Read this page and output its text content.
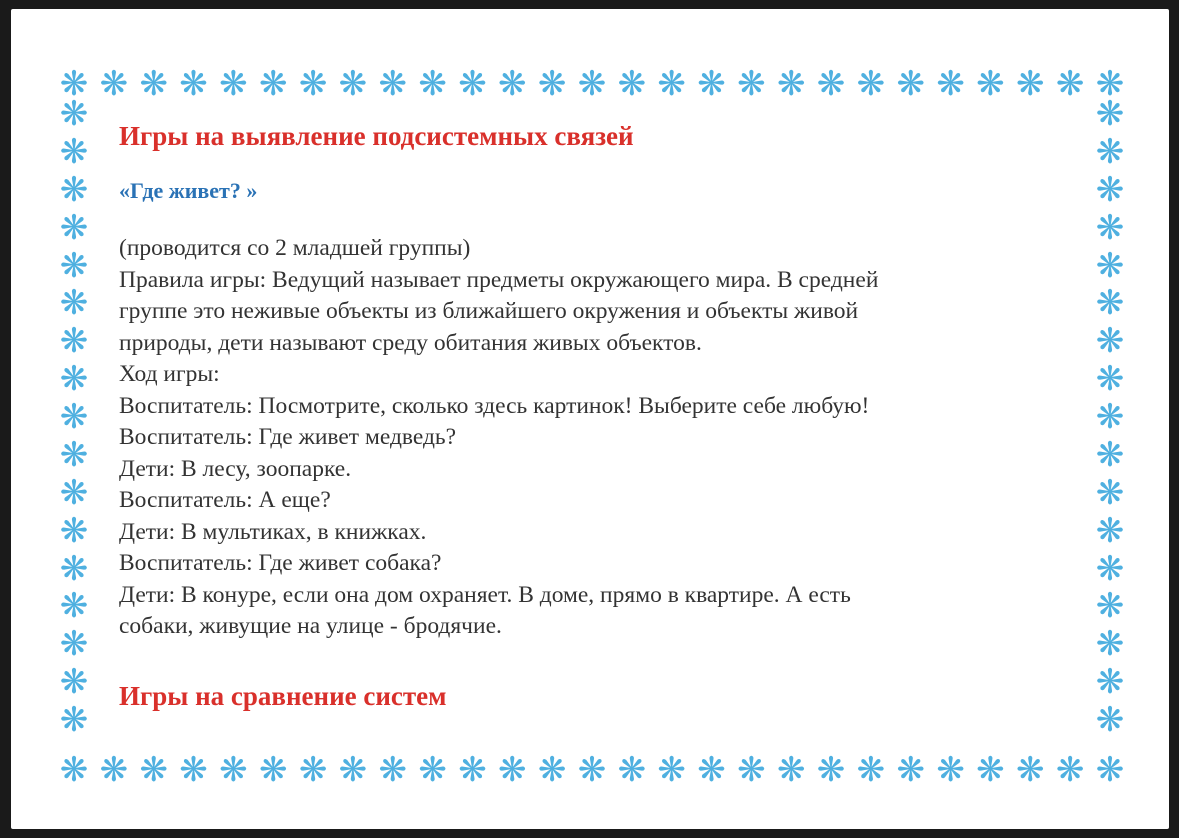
❋ ❋ ❋ ❋ ❋ ❋ ❋ ❋ ❋ ❋ ❋ ❋ ❋ ❋ ❋ ❋ ❋ ❋ ❋ ❋ ❋ ❋ ❋ ❋ ❋ ❋ ❋
❋ ❋ ❋ ❋ ❋ ❋ ❋ ❋ ❋ ❋ ❋ ❋ ❋ ❋ ❋ ❋ ❋ ❋ ❋ ❋ ❋ ❋ ❋ ❋ ❋ ❋ ❋
❋
❋
❋
❋
❋
❋
❋
❋
❋
❋
❋
❋
❋
❋
❋
❋
❋
❋
❋
❋
❋
❋
❋
❋
❋
❋
❋
❋
❋
❋
❋
❋
❋
❋
Игры на выявление подсистемных связей
«Где живет? »
(проводится со 2 младшей группы)
Правила игры: Ведущий называет предметы окружающего мира. В средней
группе это неживые объекты из ближайшего окружения и объекты живой
природы, дети называют среду обитания живых объектов.
Ход игры:
Воспитатель: Посмотрите, сколько здесь картинок! Выберите себе любую!
Воспитатель: Где живет медведь?
Дети: В лесу, зоопарке.
Воспитатель: А еще?
Дети: В мультиках, в книжках.
Воспитатель: Где живет собака?
Дети: В конуре, если она дом охраняет. В доме, прямо в квартире. А есть
собаки, живущие на улице - бродячие.
Игры на сравнение систем
